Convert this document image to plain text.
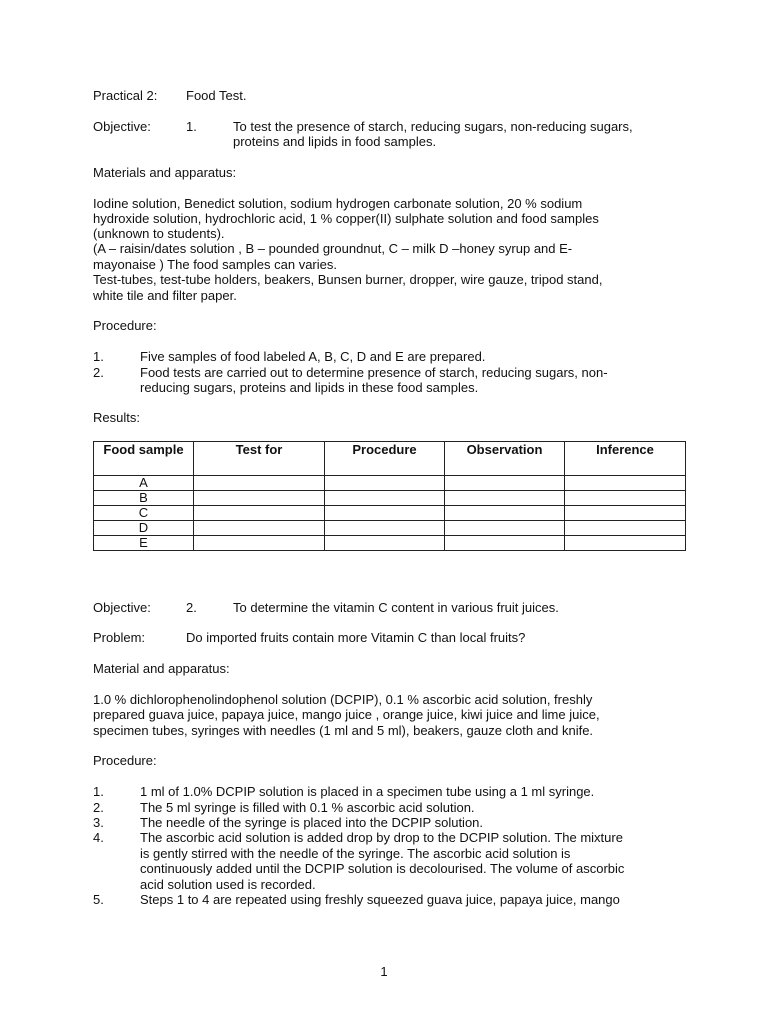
Practical 2: Food Test.
Objective:	1.	To test the presence of starch, reducing sugars, non-reducing sugars,
proteins and lipids in food samples.
Materials and apparatus:
Iodine solution, Benedict solution, sodium hydrogen carbonate solution, 20 % sodium
hydroxide solution, hydrochloric acid, 1 % copper(II) sulphate solution and food samples
(unknown to students).
(A – raisin/dates solution , B – pounded groundnut, C – milk D –honey syrup and E-
mayonaise ) The food samples can varies.
Test-tubes, test-tube holders, beakers, Bunsen burner, dropper, wire gauze, tripod stand,
white tile and filter paper.
Procedure:
1.	Five samples of food labeled A, B, C, D and E are prepared.
2.	Food tests are carried out to determine presence of starch, reducing sugars, non-
reducing sugars, proteins and lipids in these food samples.
Results:
Food sample	Test for	Procedure	Observation	Inference
A				
B				
C				
D				
E				
Objective:	2.	To determine the vitamin C content in various fruit juices.
Problem:	Do imported fruits contain more Vitamin C than local fruits?
Material and apparatus:
1.0 % dichlorophenolindophenol solution (DCPIP), 0.1 % ascorbic acid solution, freshly
prepared guava juice, papaya juice, mango juice , orange juice, kiwi juice and lime juice,
specimen tubes, syringes with needles (1 ml and 5 ml), beakers, gauze cloth and knife.
Procedure:
1.	1 ml of 1.0% DCPIP solution is placed in a specimen tube using a 1 ml syringe.
2.	The 5 ml syringe is filled with 0.1 % ascorbic acid solution.
3.	The needle of the syringe is placed into the DCPIP solution.
4.	The ascorbic acid solution is added drop by drop to the DCPIP solution. The mixture
is gently stirred with the needle of the syringe. The ascorbic acid solution is
continuously added until the DCPIP solution is decolourised. The volume of ascorbic
acid solution used is recorded.
5.	Steps 1 to 4 are repeated using freshly squeezed guava juice, papaya juice, mango
1
